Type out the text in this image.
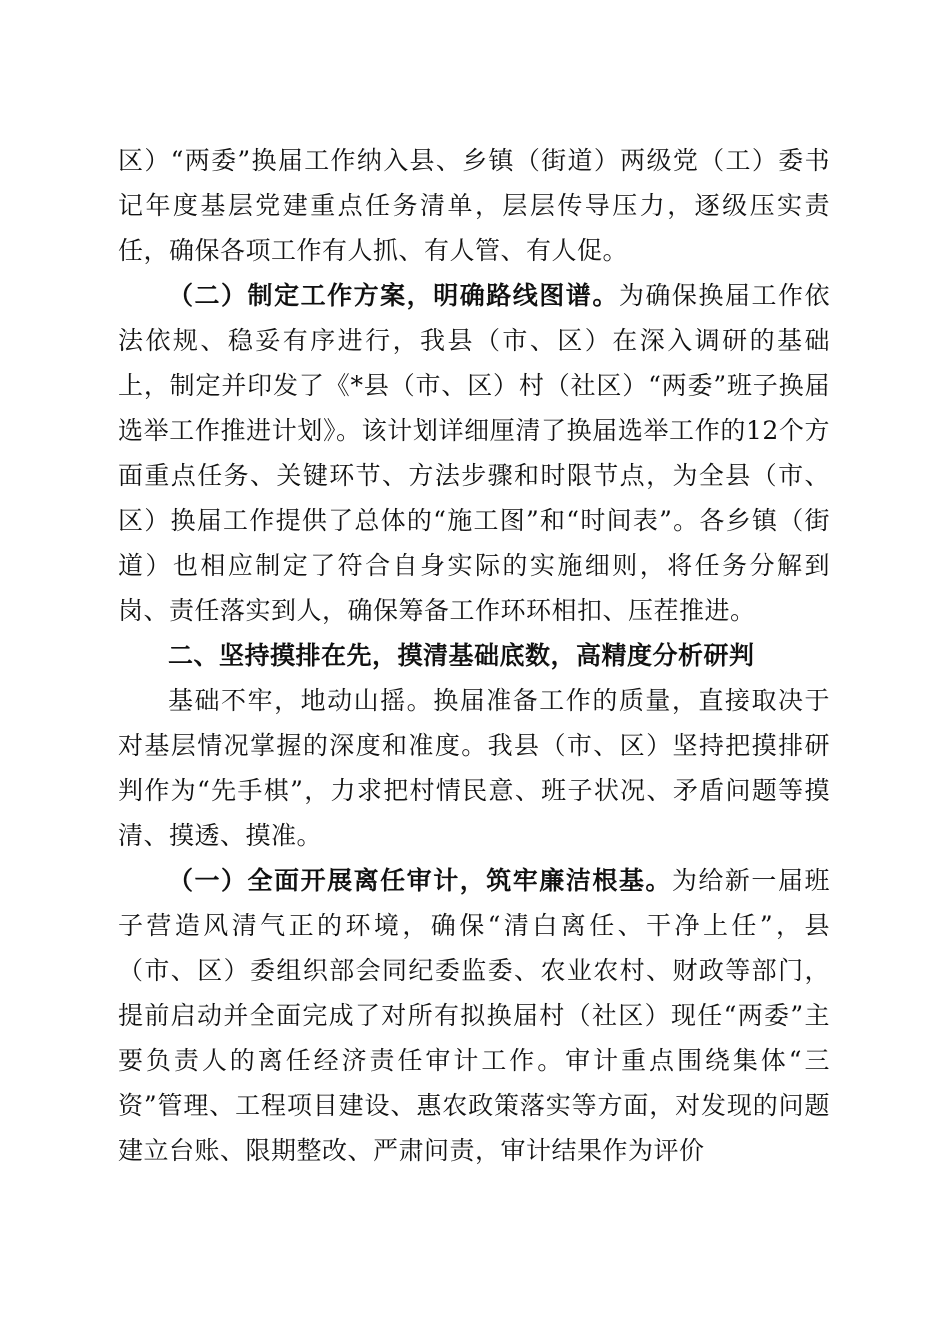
区）“两委”换届工作纳入县、乡镇（街道）两级党（工）委书记年度基层党建重点任务清单，层层传导压力，逐级压实责任，确保各项工作有人抓、有人管、有人促。

（二）制定工作方案，明确路线图谱。为确保换届工作依法依规、稳妥有序进行，我县（市、区）在深入调研的基础上，制定并印发了《*县（市、区）村（社区）“两委”班子换届选举工作推进计划》。该计划详细厘清了换届选举工作的12个方面重点任务、关键环节、方法步骤和时限节点，为全县（市、区）换届工作提供了总体的“施工图”和“时间表”。各乡镇（街道）也相应制定了符合自身实际的实施细则，将任务分解到岗、责任落实到人，确保筹备工作环环相扣、压茬推进。

二、坚持摸排在先，摸清基础底数，高精度分析研判

基础不牢，地动山摇。换届准备工作的质量，直接取决于对基层情况掌握的深度和准度。我县（市、区）坚持把摸排研判作为“先手棋”，力求把村情民意、班子状况、矛盾问题等摸清、摸透、摸准。

（一）全面开展离任审计，筑牢廉洁根基。为给新一届班子营造风清气正的环境，确保“清白离任、干净上任”，县（市、区）委组织部会同纪委监委、农业农村、财政等部门，提前启动并全面完成了对所有拟换届村（社区）现任“两委”主要负责人的离任经济责任审计工作。审计重点围绕集体“三资”管理、工程项目建设、惠农政策落实等方面，对发现的问题建立台账、限期整改、严肃问责，审计结果作为评价
